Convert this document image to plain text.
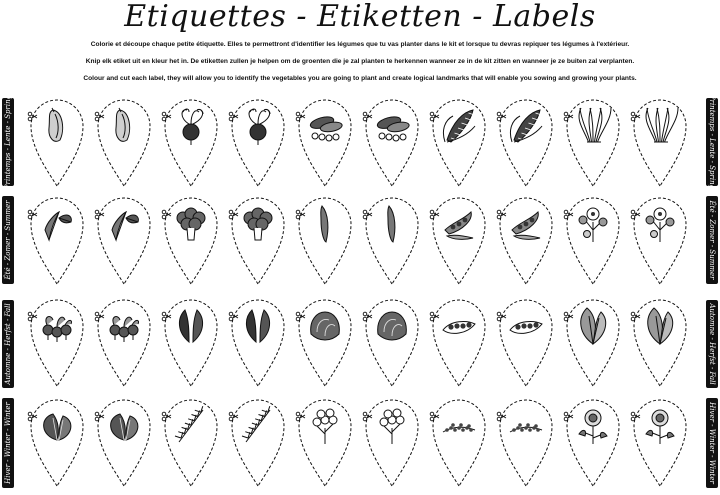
Etiquettes - Etiketten - Labels
Colorie et découpe chaque petite étiquette. Elles te permettront d'identifier les légumes que tu vas planter dans le kit et lorsque tu devras repiquer tes légumes à l'extérieur.
Knip elk etiket uit en kleur het in. De etiketten zullen je helpen om de groenten die je zal planten te herkennen wanneer ze in de kit zitten en wanneer je ze buiten zal verplanten.
Colour and cut each label, they will allow you to identify the vegetables you are going to plant and create logical landmarks that will enable you sowing and growing your plants.
Printemps - Lente - Spring
Été - Zomer - Summer
Automne - Herfst - Fall
Hiver - Winter - Winter
Printemps - Lente - Spring
Été - Zomer - Summer
Automne - Herfst - Fall
Hiver - Winter - Winter
